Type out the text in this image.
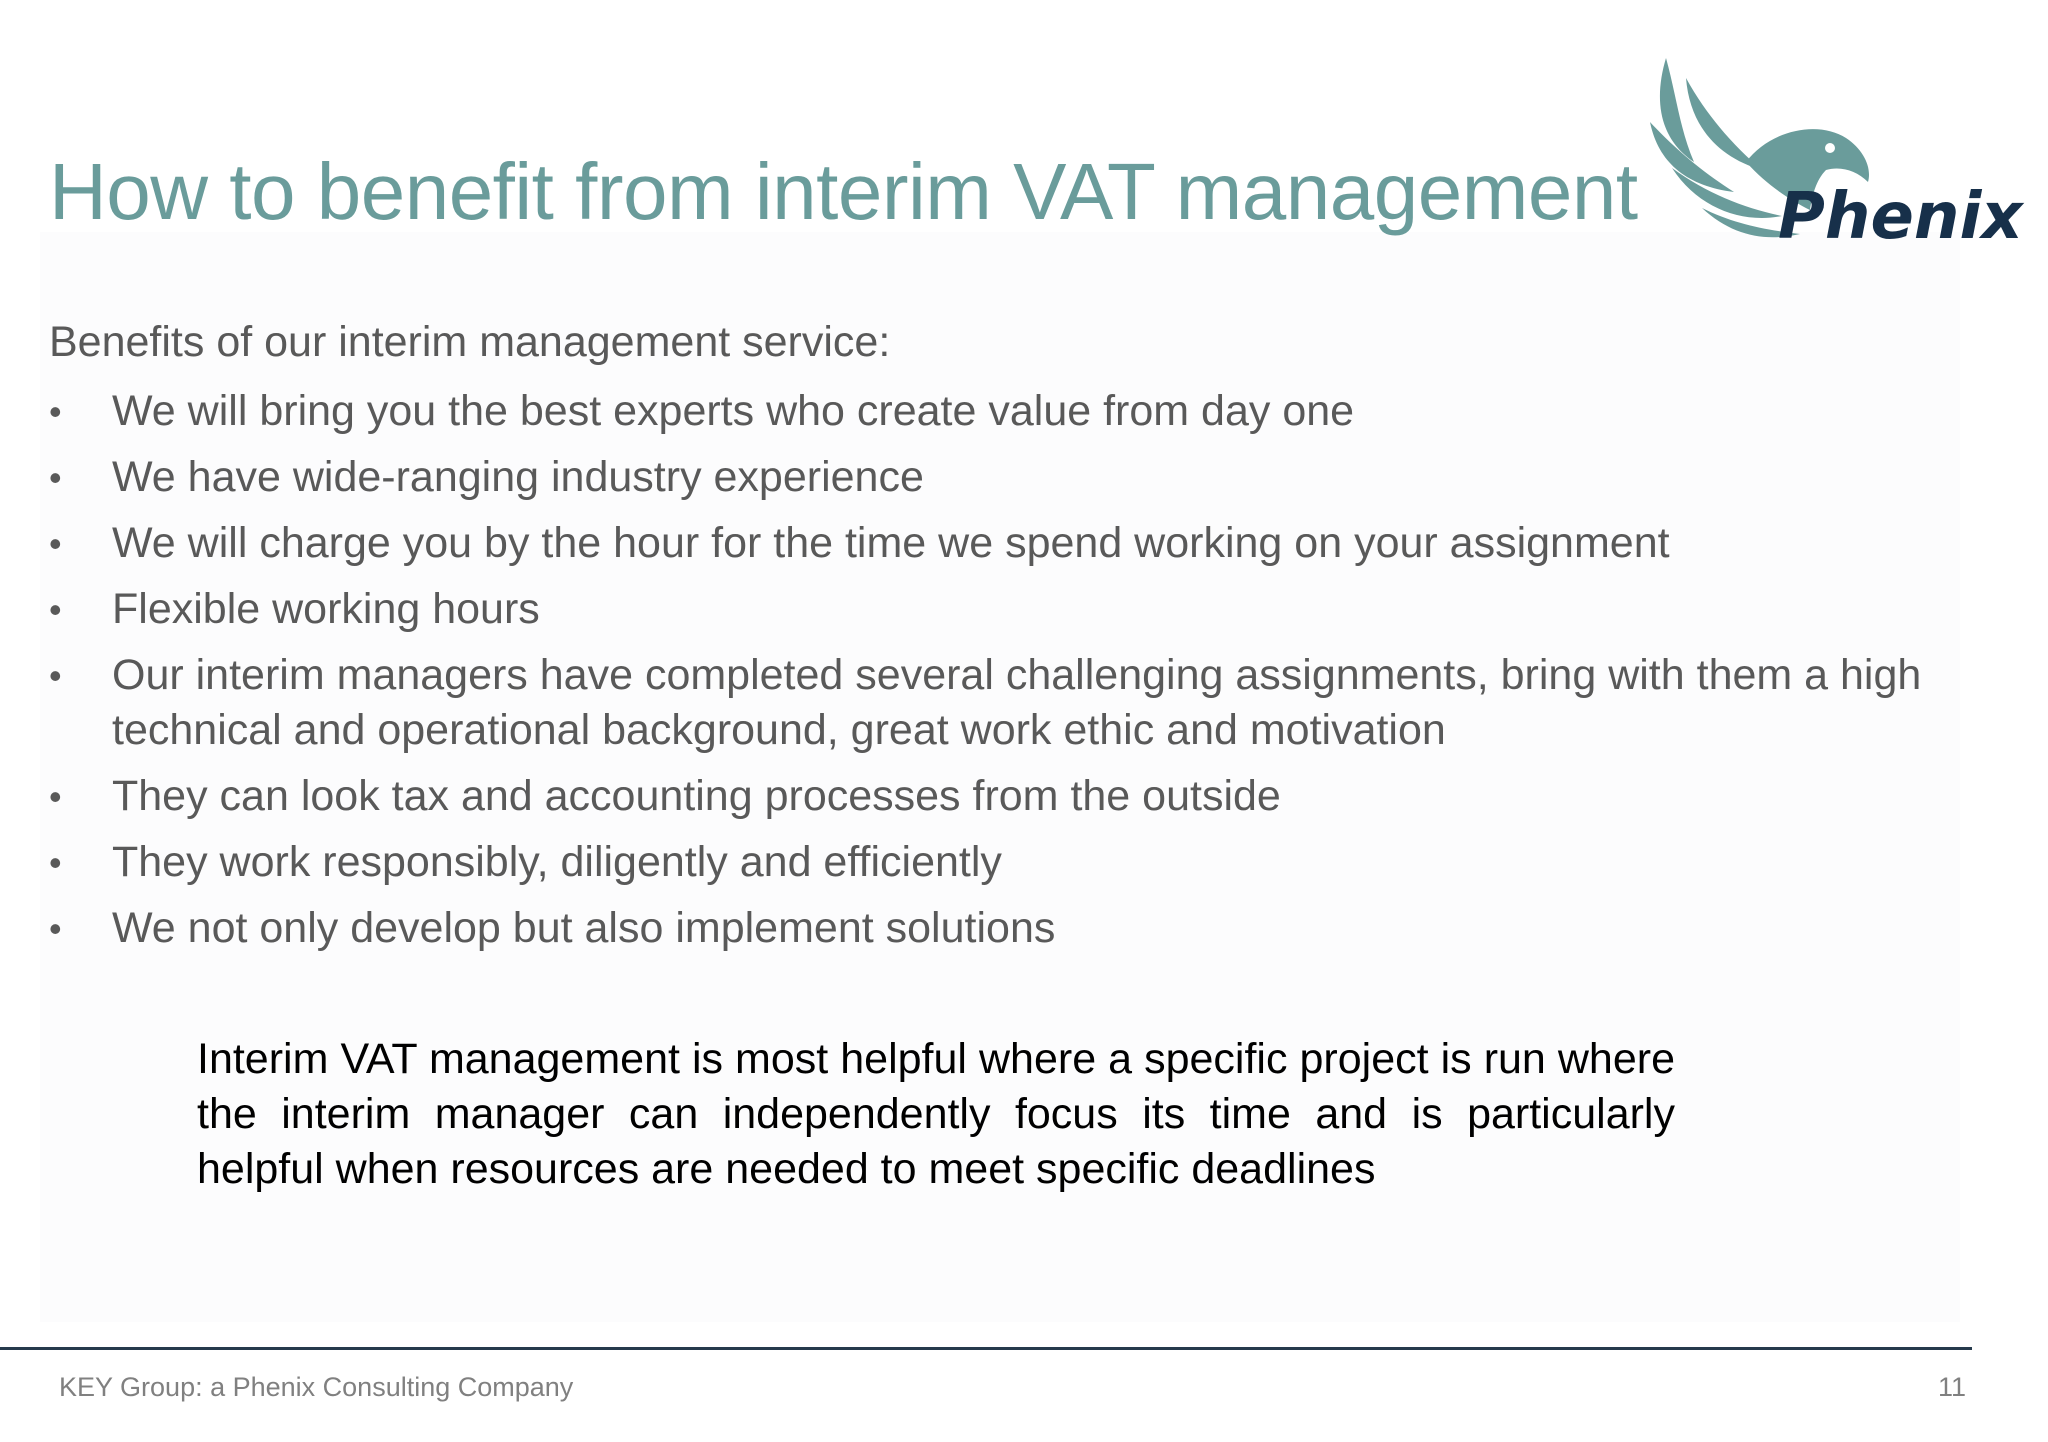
How to benefit from interim VAT management Phenix

Benefits of our interim management service:

• We will bring you the best experts who create value from day one
• We have wide-ranging industry experience
• We will charge you by the hour for the time we spend working on your assignment
• Flexible working hours
• Our interim managers have completed several challenging assignments, bring with them a high technical and operational background, great work ethic and motivation
• They can look tax and accounting processes from the outside
• They work responsibly, diligently and efficiently
• We not only develop but also implement solutions

Interim VAT management is most helpful where a specific project is run where the interim manager can independently focus its time and is particularly helpful when resources are needed to meet specific deadlines

KEY Group: a Phenix Consulting Company	11
